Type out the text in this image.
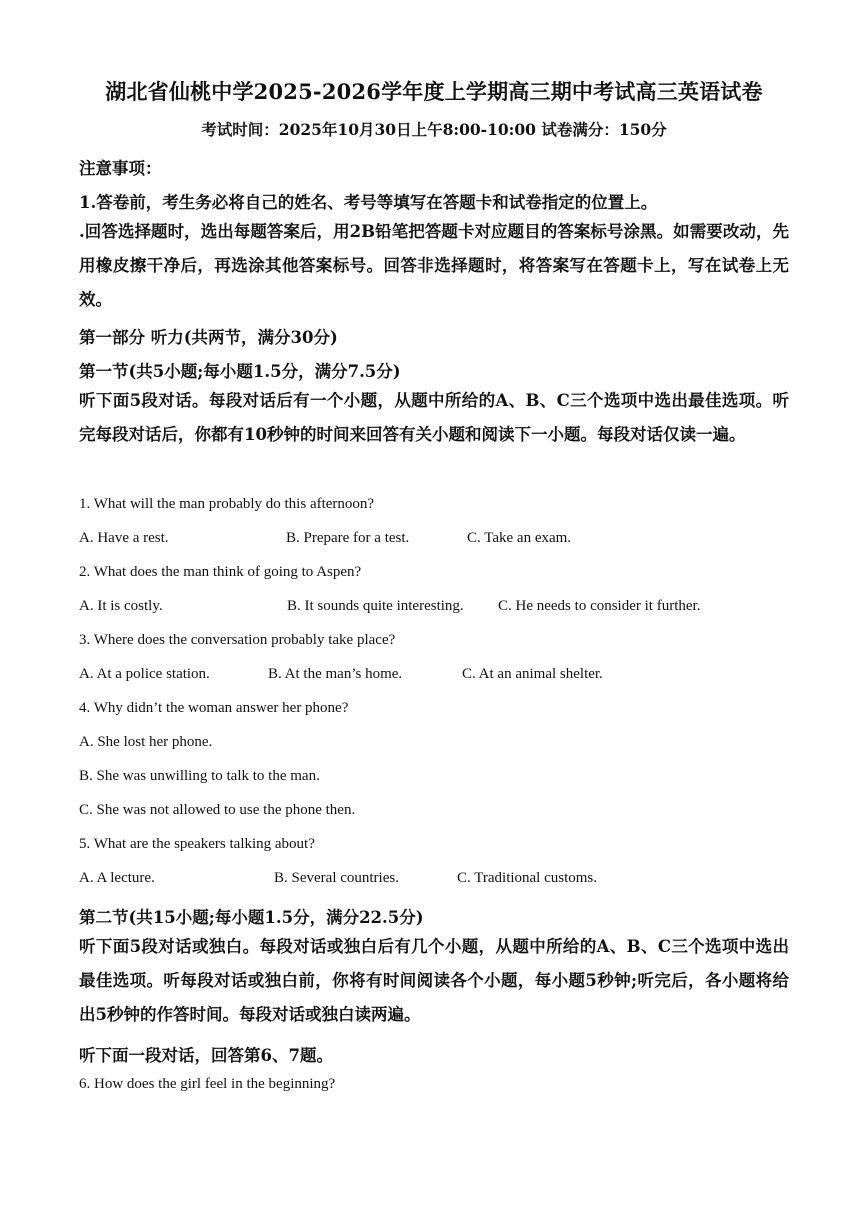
湖北省仙桃中学2025-2026学年度上学期高三期中考试高三英语试卷
考试时间：2025年10月30日上午8:00-10:00 试卷满分：150分
注意事项：
1.答卷前，考生务必将自己的姓名、考号等填写在答题卡和试卷指定的位置上。
.回答选择题时，选出每题答案后，用2B铅笔把答题卡对应题目的答案标号涂黑。如需要改动，先用橡皮擦干净后，再选涂其他答案标号。回答非选择题时，将答案写在答题卡上，写在试卷上无效。
第一部分 听力(共两节，满分30分)
第一节(共5小题;每小题1.5分，满分7.5分)
听下面5段对话。每段对话后有一个小题，从题中所给的A、B、C三个选项中选出最佳选项。听完每段对话后，你都有10秒钟的时间来回答有关小题和阅读下一小题。每段对话仅读一遍。
1. What will the man probably do this afternoon?
A. Have a rest.	B. Prepare for a test.	C. Take an exam.
2. What does the man think of going to Aspen?
A. It is costly.	B. It sounds quite interesting. C. He needs to consider it further.
3. Where does the conversation probably take place?
A. At a police station.	B. At the man’s home.	C. At an animal shelter.
4. Why didn’t the woman answer her phone?
A. She lost her phone.
B. She was unwilling to talk to the man.
C. She was not allowed to use the phone then.
5. What are the speakers talking about?
A. A lecture.	B. Several countries.	C. Traditional customs.
第二节(共15小题;每小题1.5分，满分22.5分)
听下面5段对话或独白。每段对话或独白后有几个小题，从题中所给的A、B、C三个选项中选出最佳选项。听每段对话或独白前，你将有时间阅读各个小题，每小题5秒钟;听完后，各小题将给出5秒钟的作答时间。每段对话或独白读两遍。
听下面一段对话，回答第6、7题。
6. How does the girl feel in the beginning?
